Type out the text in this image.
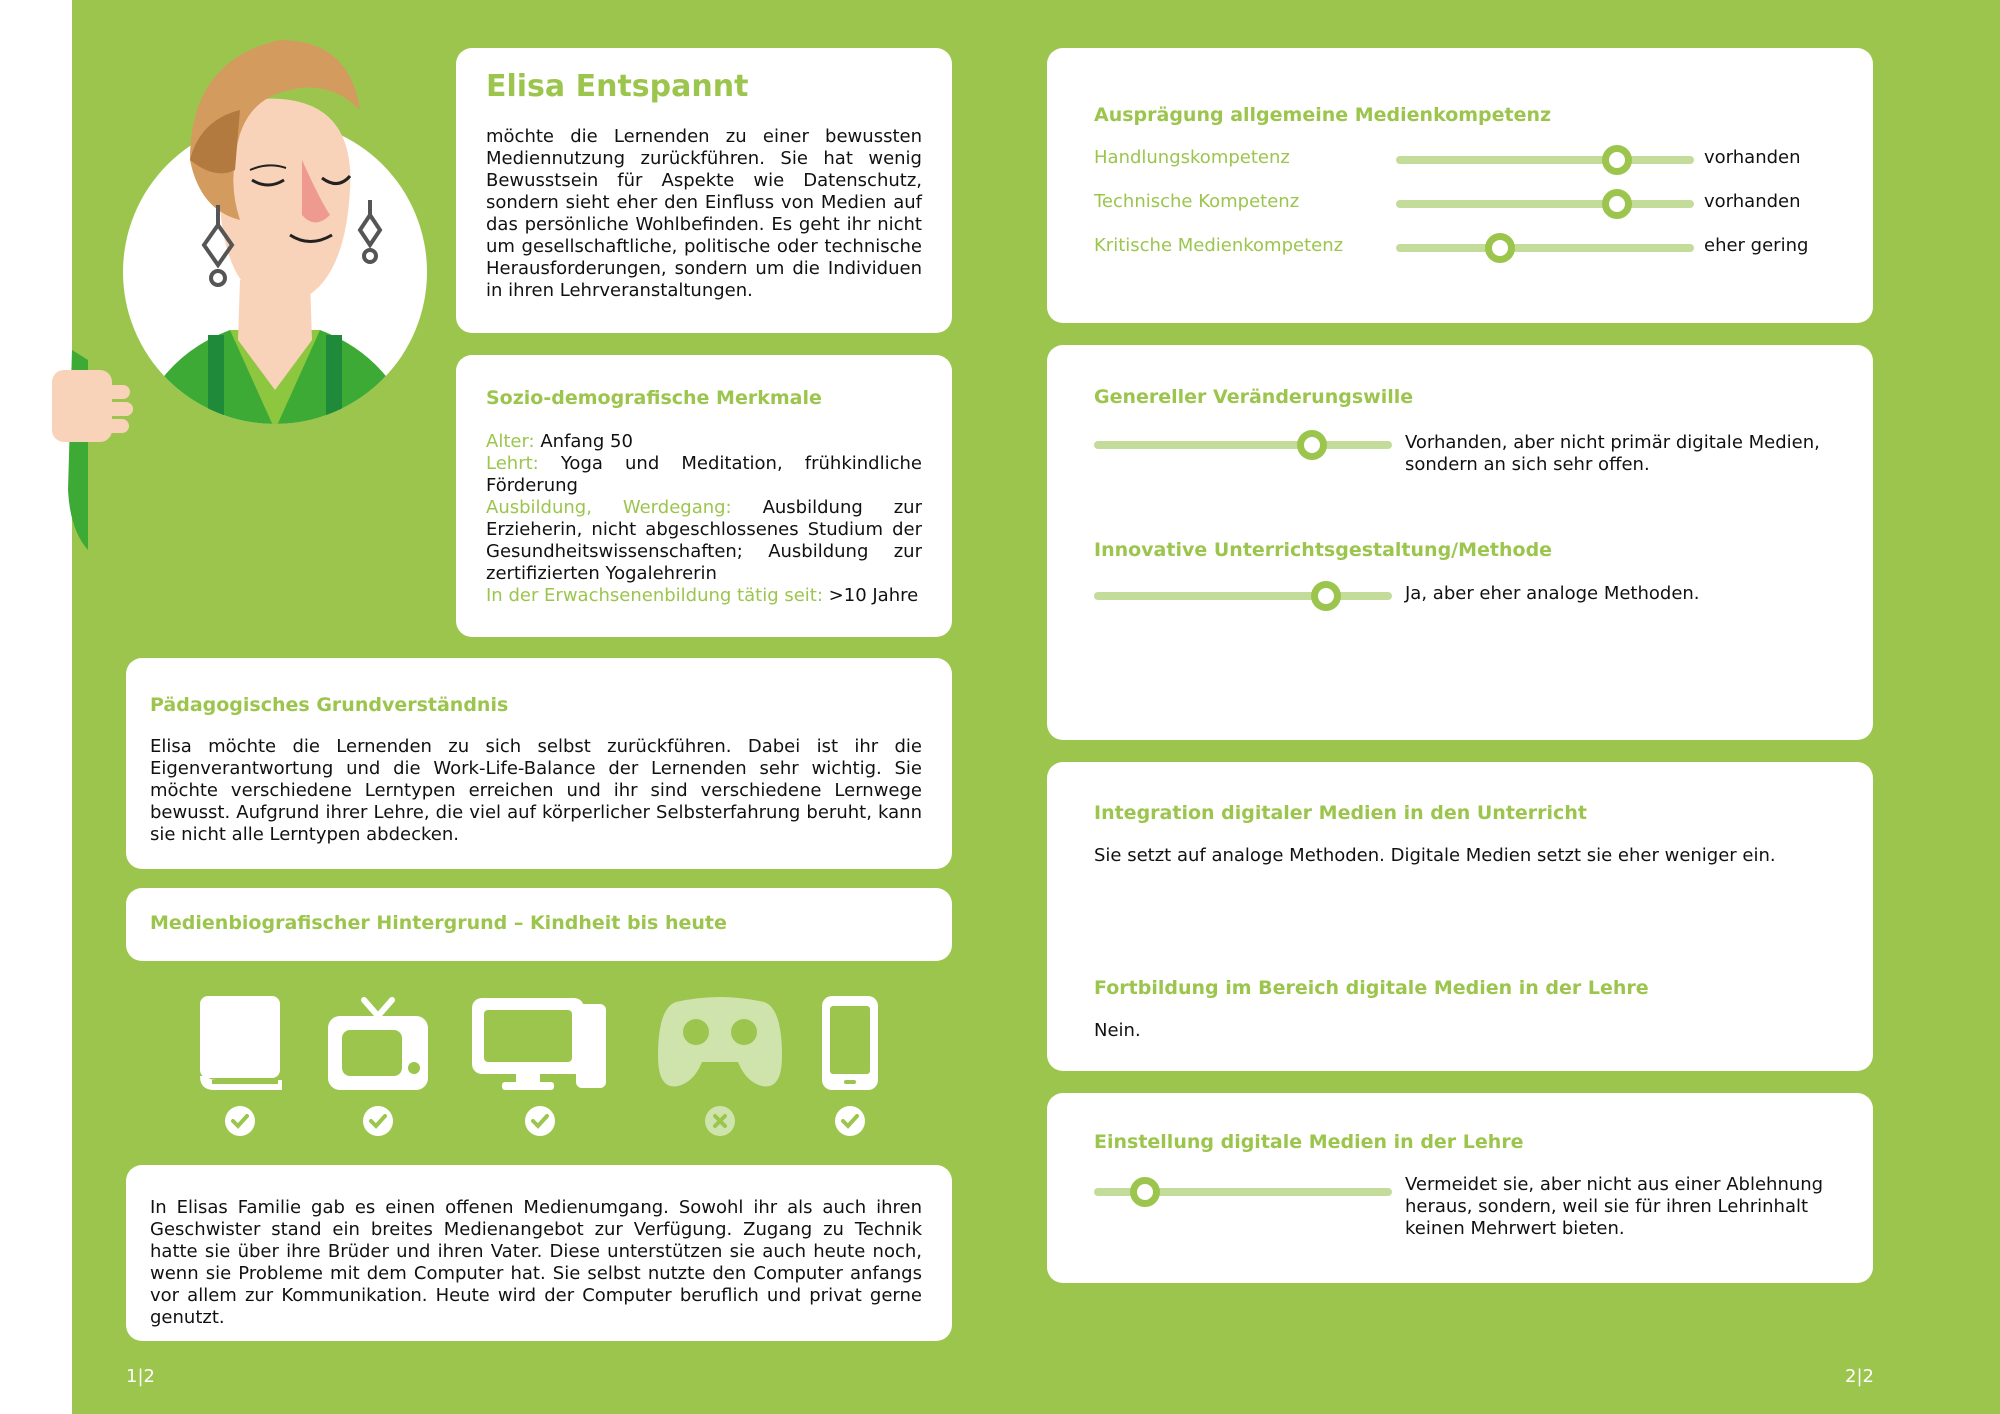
Elisa Entspannt
möchte die Lernenden zu einer bewussten Mediennutzung zurückführen. Sie hat wenig Bewusstsein für Aspekte wie Datenschutz, sondern sieht eher den Einfluss von Medien auf das persönliche Wohlbefinden. Es geht ihr nicht um gesellschaftliche, politische oder technische Herausforderungen, sondern um die Individuen in ihren Lehrveranstaltungen.
Sozio-demografische Merkmale
Alter: Anfang 50
Lehrt: Yoga und Meditation, frühkindliche Förderung
Ausbildung, Werdegang: Ausbildung zur Erzieherin, nicht abgeschlossenes Studium der Gesundheitswissenschaften; Ausbildung zur zertifizierten Yogalehrerin
In der Erwachsenenbildung tätig seit: >10 Jahre
Pädagogisches Grundverständnis
Elisa möchte die Lernenden zu sich selbst zurückführen. Dabei ist ihr die Eigenverantwortung und die Work-Life-Balance der Lernenden sehr wichtig. Sie möchte verschiedene Lerntypen erreichen und ihr sind verschiedene Lernwege bewusst. Aufgrund ihrer Lehre, die viel auf körperlicher Selbsterfahrung beruht, kann sie nicht alle Lerntypen abdecken.
Medienbiografischer Hintergrund – Kindheit bis heute
In Elisas Familie gab es einen offenen Medienumgang. Sowohl ihr als auch ihren Geschwister stand ein breites Medienangebot zur Verfügung. Zugang zu Technik hatte sie über ihre Brüder und ihren Vater. Diese unterstützen sie auch heute noch, wenn sie Probleme mit dem Computer hat. Sie selbst nutzte den Computer anfangs vor allem zur Kommunikation. Heute wird der Computer beruflich und privat gerne genutzt.
Ausprägung allgemeine Medienkompetenz
Handlungskompetenz	vorhanden
Technische Kompetenz	vorhanden
Kritische Medienkompetenz	eher gering
Genereller Veränderungswille
Vorhanden, aber nicht primär digitale Medien, sondern an sich sehr offen.
Innovative Unterrichtsgestaltung/Methode
Ja, aber eher analoge Methoden.
Integration digitaler Medien in den Unterricht
Sie setzt auf analoge Methoden. Digitale Medien setzt sie eher weniger ein.
Fortbildung im Bereich digitale Medien in der Lehre
Nein.
Einstellung digitale Medien in der Lehre
Vermeidet sie, aber nicht aus einer Ablehnung heraus, sondern, weil sie für ihren Lehrinhalt keinen Mehrwert bieten.
1|2	2|2
